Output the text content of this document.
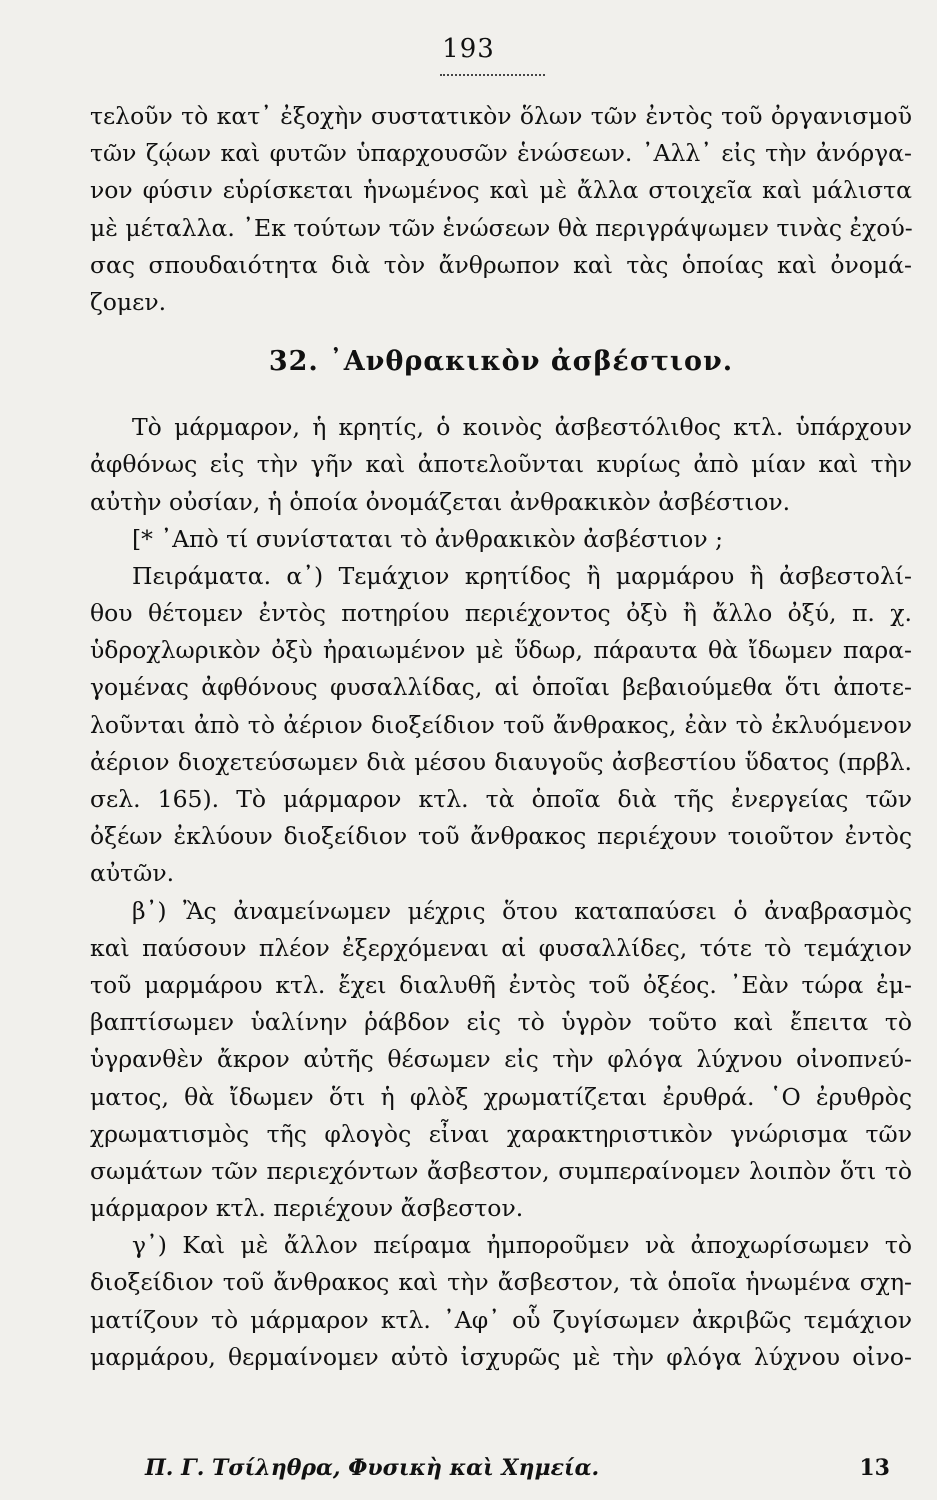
193
τελοῦν τὸ κατ᾿ ἐξοχὴν συστατικὸν ὅλων τῶν ἐντὸς τοῦ ὀργανισμοῦ
τῶν ζῴων καὶ φυτῶν ὑπαρχουσῶν ἑνώσεων. ᾿Αλλ᾿ εἰς τὴν ἀνόργα-
νον φύσιν εὑρίσκεται ἡνωμένος καὶ μὲ ἄλλα στοιχεῖα καὶ μάλιστα
μὲ μέταλλα. ᾿Εκ τούτων τῶν ἑνώσεων θὰ περιγράψωμεν τινὰς ἐχού-
σας σπουδαιότητα διὰ τὸν ἄνθρωπον καὶ τὰς ὁποίας καὶ ὀνομά-
ζομεν.
32. ᾿Ανθρακικὸν ἀσβέστιον.
Τὸ μάρμαρον, ἡ κρητίς, ὁ κοινὸς ἀσβεστόλιθος κτλ. ὑπάρχουν
ἀφθόνως εἰς τὴν γῆν καὶ ἀποτελοῦνται κυρίως ἀπὸ μίαν καὶ τὴν
αὐτὴν οὐσίαν, ἡ ὁποία ὀνομάζεται ἀνθρακικὸν ἀσβέστιον.
[* ᾿Απὸ τί συνίσταται τὸ ἀνθρακικὸν ἀσβέστιον ;
Πειράματα. α᾿) Τεμάχιον κρητίδος ἢ μαρμάρου ἢ ἀσβεστολί-
θου θέτομεν ἐντὸς ποτηρίου περιέχοντος ὀξὺ ἢ ἄλλο ὀξύ, π. χ.
ὑδροχλωρικὸν ὀξὺ ἠραιωμένον μὲ ὕδωρ, πάραυτα θὰ ἴδωμεν παρα-
γομένας ἀφθόνους φυσαλλίδας, αἱ ὁποῖαι βεβαιούμεθα ὅτι ἀποτε-
λοῦνται ἀπὸ τὸ ἀέριον διοξείδιον τοῦ ἄνθρακος, ἐὰν τὸ ἐκλυόμενον
ἀέριον διοχετεύσωμεν διὰ μέσου διαυγοῦς ἀσβεστίου ὕδατος (πρβλ.
σελ. 165). Τὸ μάρμαρον κτλ. τὰ ὁποῖα διὰ τῆς ἐνεργείας τῶν
ὀξέων ἐκλύουν διοξείδιον τοῦ ἄνθρακος περιέχουν τοιοῦτον ἐντὸς
αὐτῶν.
β᾿) Ἂς ἀναμείνωμεν μέχρις ὅτου καταπαύσει ὁ ἀναβρασμὸς
καὶ παύσουν πλέον ἐξερχόμεναι αἱ φυσαλλίδες, τότε τὸ τεμάχιον
τοῦ μαρμάρου κτλ. ἔχει διαλυθῆ ἐντὸς τοῦ ὀξέος. ᾿Εὰν τώρα ἐμ-
βαπτίσωμεν ὑαλίνην ῥάβδον εἰς τὸ ὑγρὸν τοῦτο καὶ ἔπειτα τὸ
ὑγρανθὲν ἄκρον αὐτῆς θέσωμεν εἰς τὴν φλόγα λύχνου οἰνοπνεύ-
ματος, θὰ ἴδωμεν ὅτι ἡ φλὸξ χρωματίζεται ἐρυθρά. ῾Ο ἐρυθρὸς
χρωματισμὸς τῆς φλογὸς εἶναι χαρακτηριστικὸν γνώρισμα τῶν
σωμάτων τῶν περιεχόντων ἄσβεστον, συμπεραίνομεν λοιπὸν ὅτι τὸ
μάρμαρον κτλ. περιέχουν ἄσβεστον.
γ᾿) Καὶ μὲ ἄλλον πείραμα ἠμποροῦμεν νὰ ἀποχωρίσωμεν τὸ
διοξείδιον τοῦ ἄνθρακος καὶ τὴν ἄσβεστον, τὰ ὁποῖα ἡνωμένα σχη-
ματίζουν τὸ μάρμαρον κτλ. ᾿Αφ᾿ οὗ ζυγίσωμεν ἀκριβῶς τεμάχιον
μαρμάρου, θερμαίνομεν αὐτὸ ἰσχυρῶς μὲ τὴν φλόγα λύχνου οἰνο-
Π. Γ. Τσίληθρα, Φυσικὴ καὶ Χημεία.	13
